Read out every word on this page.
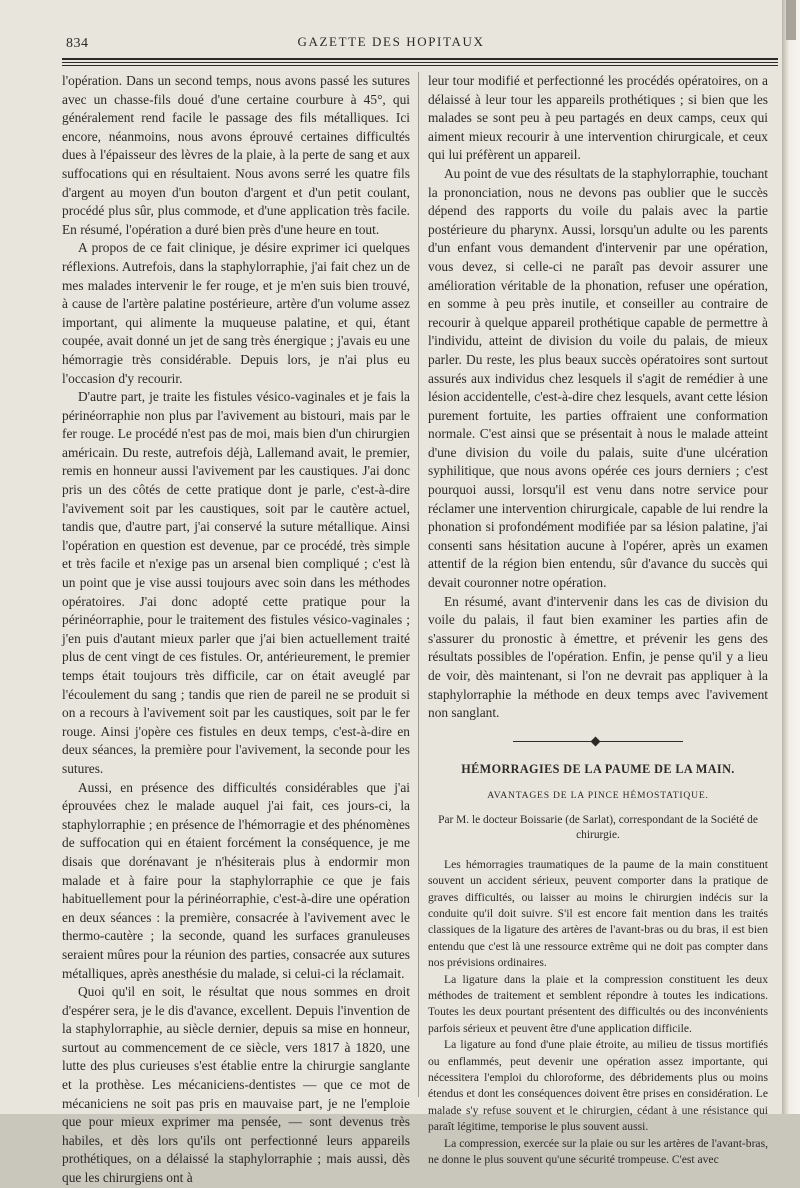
834	GAZETTE DES HOPITAUX

l'opération. Dans un second temps, nous avons passé les sutures avec un chasse-fils doué d'une certaine courbure à 45°, qui généralement rend facile le passage des fils métalliques. Ici encore, néanmoins, nous avons éprouvé certaines difficultés dues à l'épaisseur des lèvres de la plaie, à la perte de sang et aux suffocations qui en résultaient. Nous avons serré les quatre fils d'argent au moyen d'un bouton d'argent et d'un petit coulant, procédé plus sûr, plus commode, et d'une application très facile. En résumé, l'opération a duré bien près d'une heure en tout.

A propos de ce fait clinique, je désire exprimer ici quelques réflexions. Autrefois, dans la staphylorraphie, j'ai fait chez un de mes malades intervenir le fer rouge, et je m'en suis bien trouvé, à cause de l'artère palatine postérieure, artère d'un volume assez important, qui alimente la muqueuse palatine, et qui, étant coupée, avait donné un jet de sang très énergique ; j'avais eu une hémorragie très considérable. Depuis lors, je n'ai plus eu l'occasion d'y recourir.

D'autre part, je traite les fistules vésico-vaginales et je fais la périnéorraphie non plus par l'avivement au bistouri, mais par le fer rouge. Le procédé n'est pas de moi, mais bien d'un chirurgien américain. Du reste, autrefois déjà, Lallemand avait, le premier, remis en honneur aussi l'avivement par les caustiques. J'ai donc pris un des côtés de cette pratique dont je parle, c'est-à-dire l'avivement soit par les caustiques, soit par le cautère actuel, tandis que, d'autre part, j'ai conservé la suture métallique. Ainsi l'opération en question est devenue, par ce procédé, très simple et très facile et n'exige pas un arsenal bien compliqué ; c'est là un point que je vise aussi toujours avec soin dans les méthodes opératoires. J'ai donc adopté cette pratique pour la périnéorraphie, pour le traitement des fistules vésico-vaginales ; j'en puis d'autant mieux parler que j'ai bien actuellement traité plus de cent vingt de ces fistules. Or, antérieurement, le premier temps était toujours très difficile, car on était aveuglé par l'écoulement du sang ; tandis que rien de pareil ne se produit si on a recours à l'avivement soit par les caustiques, soit par le fer rouge. Ainsi j'opère ces fistules en deux temps, c'est-à-dire en deux séances, la première pour l'avivement, la seconde pour les sutures.

Aussi, en présence des difficultés considérables que j'ai éprouvées chez le malade auquel j'ai fait, ces jours-ci, la staphylorraphie ; en présence de l'hémorragie et des phénomènes de suffocation qui en étaient forcément la conséquence, je me disais que dorénavant je n'hésiterais plus à endormir mon malade et à faire pour la staphylorraphie ce que je fais habituellement pour la périnéorraphie, c'est-à-dire une opération en deux séances : la première, consacrée à l'avivement avec le thermo-cautère ; la seconde, quand les surfaces granuleuses seraient mûres pour la réunion des parties, consacrée aux sutures métalliques, après anesthésie du malade, si celui-ci la réclamait.

Quoi qu'il en soit, le résultat que nous sommes en droit d'espérer sera, je le dis d'avance, excellent. Depuis l'invention de la staphylorraphie, au siècle dernier, depuis sa mise en honneur, surtout au commencement de ce siècle, vers 1817 à 1820, une lutte des plus curieuses s'est établie entre la chirurgie sanglante et la prothèse. Les mécaniciens-dentistes — que ce mot de mécaniciens ne soit pas pris en mauvaise part, je ne l'emploie que pour mieux exprimer ma pensée, — sont devenus très habiles, et dès lors qu'ils ont perfectionné leurs appareils prothétiques, on a délaissé la staphylorraphie ; mais aussi, dès que les chirurgiens ont à

leur tour modifié et perfectionné les procédés opératoires, on a délaissé à leur tour les appareils prothétiques ; si bien que les malades se sont peu à peu partagés en deux camps, ceux qui aiment mieux recourir à une intervention chirurgicale, et ceux qui lui préfèrent un appareil.

Au point de vue des résultats de la staphylorraphie, touchant la prononciation, nous ne devons pas oublier que le succès dépend des rapports du voile du palais avec la partie postérieure du pharynx. Aussi, lorsqu'un adulte ou les parents d'un enfant vous demandent d'intervenir par une opération, vous devez, si celle-ci ne paraît pas devoir assurer une amélioration véritable de la phonation, refuser une opération, en somme à peu près inutile, et conseiller au contraire de recourir à quelque appareil prothétique capable de permettre à l'individu, atteint de division du voile du palais, de mieux parler. Du reste, les plus beaux succès opératoires sont surtout assurés aux individus chez lesquels il s'agit de remédier à une lésion accidentelle, c'est-à-dire chez lesquels, avant cette lésion purement fortuite, les parties offraient une conformation normale. C'est ainsi que se présentait à nous le malade atteint d'une division du voile du palais, suite d'une ulcération syphilitique, que nous avons opérée ces jours derniers ; c'est pourquoi aussi, lorsqu'il est venu dans notre service pour réclamer une intervention chirurgicale, capable de lui rendre la phonation si profondément modifiée par sa lésion palatine, j'ai consenti sans hésitation aucune à l'opérer, après un examen attentif de la région bien entendu, sûr d'avance du succès qui devait couronner notre opération.

En résumé, avant d'intervenir dans les cas de division du voile du palais, il faut bien examiner les parties afin de s'assurer du pronostic à émettre, et prévenir les gens des résultats possibles de l'opération. Enfin, je pense qu'il y a lieu de voir, dès maintenant, si l'on ne devrait pas appliquer à la staphylorraphie la méthode en deux temps avec l'avivement non sanglant.

HÉMORRAGIES DE LA PAUME DE LA MAIN.
AVANTAGES DE LA PINCE HÉMOSTATIQUE.
Par M. le docteur Boissarie (de Sarlat), correspondant de la Société de chirurgie.

Les hémorragies traumatiques de la paume de la main constituent souvent un accident sérieux, peuvent comporter dans la pratique de graves difficultés, ou laisser au moins le chirurgien indécis sur la conduite qu'il doit suivre. S'il est encore fait mention dans les traités classiques de la ligature des artères de l'avant-bras ou du bras, il est bien entendu que c'est là une ressource extrême qui ne doit pas compter dans nos prévisions ordinaires.

La ligature dans la plaie et la compression constituent les deux méthodes de traitement et semblent répondre à toutes les indications. Toutes les deux pourtant présentent des difficultés ou des inconvénients parfois sérieux et peuvent être d'une application difficile.

La ligature au fond d'une plaie étroite, au milieu de tissus mortifiés ou enflammés, peut devenir une opération assez importante, qui nécessitera l'emploi du chloroforme, des débridements plus ou moins étendus et dont les conséquences doivent être prises en considération. Le malade s'y refuse souvent et le chirurgien, cédant à une résistance qui paraît légitime, temporise le plus souvent aussi.

La compression, exercée sur la plaie ou sur les artères de l'avant-bras, ne donne le plus souvent qu'une sécurité trompeuse. C'est avec
